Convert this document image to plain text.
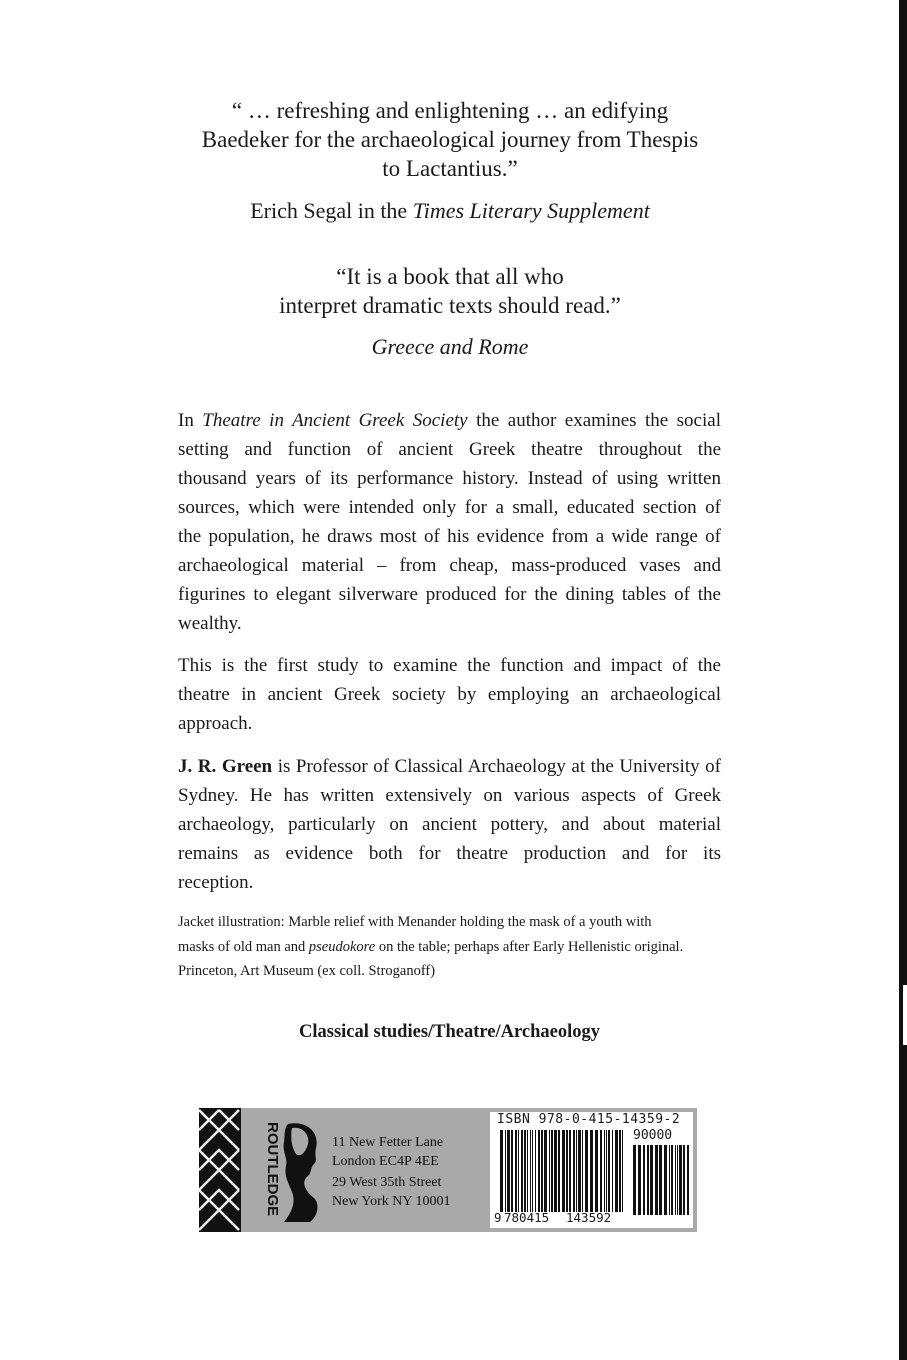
“ … refreshing and enlightening … an edifying
Baedeker for the archaeological journey from Thespis
to Lactantius.”
Erich Segal in the Times Literary Supplement
“It is a book that all who
interpret dramatic texts should read.”
Greece and Rome
In Theatre in Ancient Greek Society the author examines the social
setting and function of ancient Greek theatre throughout the
thousand years of its performance history. Instead of using written
sources, which were intended only for a small, educated section of
the population, he draws most of his evidence from a wide range of
archaeological material – from cheap, mass-produced vases and
figurines to elegant silverware produced for the dining tables of the
wealthy.
This is the first study to examine the function and impact of the
theatre in ancient Greek society by employing an archaeological
approach.
J. R. Green is Professor of Classical Archaeology at the University of
Sydney. He has written extensively on various aspects of Greek
archaeology, particularly on ancient pottery, and about material
remains as evidence both for theatre production and for its
reception.
Jacket illustration: Marble relief with Menander holding the mask of a youth with
masks of old man and pseudokore on the table; perhaps after Early Hellenistic original.
Princeton, Art Museum (ex coll. Stroganoff)
Classical studies/Theatre/Archaeology
ROUTLEDGE	11 New Fetter Lane
London EC4P 4EE
29 West 35th Street
New York NY 10001
ISBN 978-0-415-14359-2
90000
9 780415 143592
